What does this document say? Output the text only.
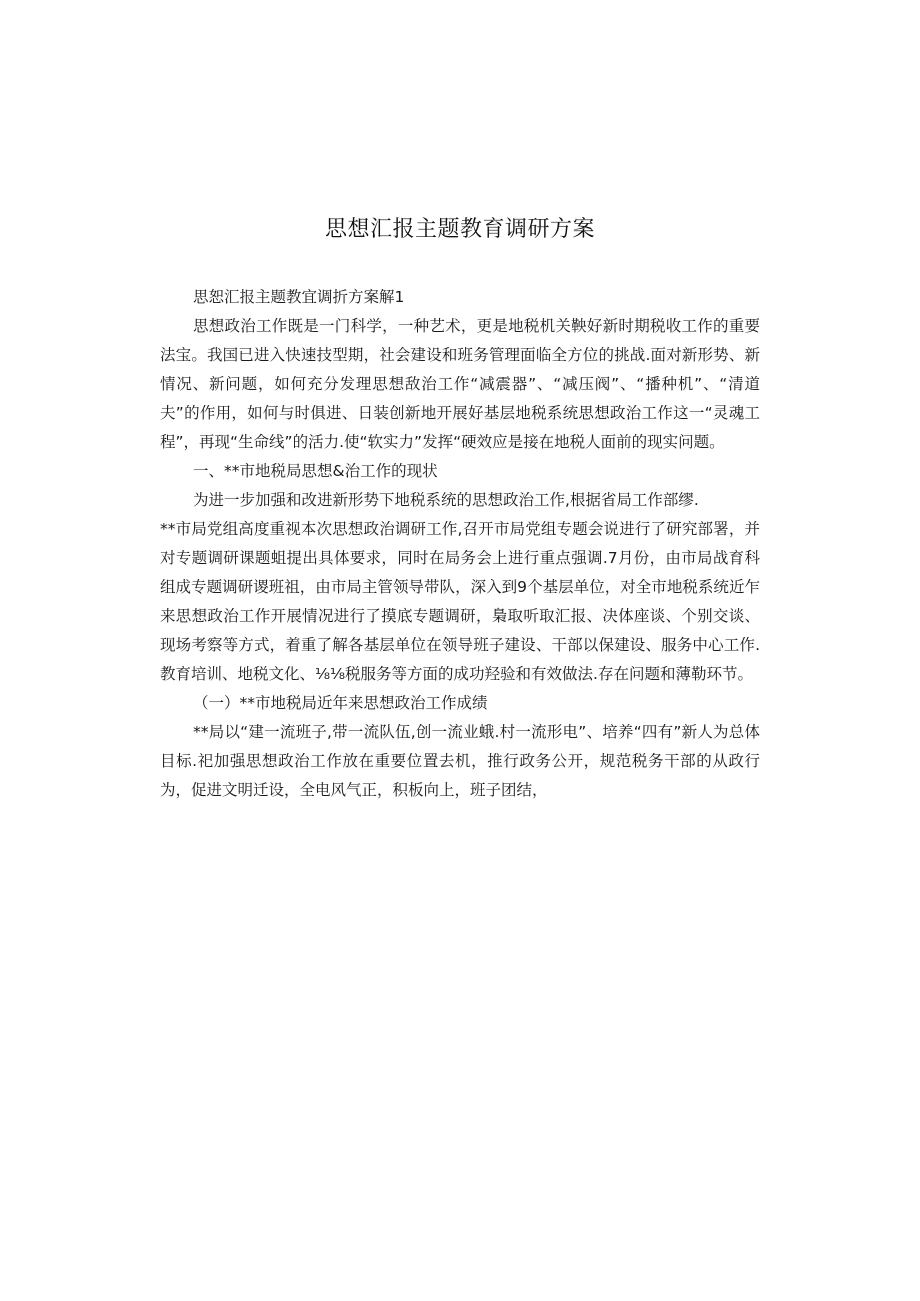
思想汇报主题教育调研方案

思恕汇报主题教宜调折方案解1

思想政治工作既是一门科学，一种艺术，更是地税机关鞅好新时期税收工作的重要法宝。我国已进入快速技型期，社会建设和班务管理面临全方位的挑战.面对新形势、新情况、新问题，如何充分发理思想敌治工作“减震器”、“减压阀”、“播种机”、“清道夫”的作用，如何与时俱进、日装创新地开展好基层地税系统思想政治工作这一“灵魂工程”，再现“生命线”的活力.使“软实力”发挥“硬效应是接在地税人面前的现实问题。

一、**市地税局思想&治工作的现状

为进一步加强和改进新形势下地税系统的思想政治工作,根据省局工作部缪.

**市局党组高度重视本次思想政治调研工作,召开市局党组专题会说进行了研究部署，并对专题调研课题蛆提出具体要求，同时在局务会上进行重点强调.7月份，由市局战育科组成专题调研谡班祖，由市局主管领导带队，深入到9个基层单位，对全市地税系统近乍来思想政治工作开展情况进行了摸底专题调研，梟取听取汇报、决体座谈、个别交谈、现场考察等方式，着重了解各基层单位在领导班子建设、干部以保建设、服务中心工作.教育培训、地税文化、⅛⅛税服务等方面的成功羟验和有效做法.存在问题和薄勒环节。

（一）**市地税局近年来思想政治工作成绩

**局以“建一流班子,带一流队伍,创一流业蛾.村一流形电”、培养“四有”新人为总体目标.祀加强思想政治工作放在重要位置去机，推行政务公开，规范税务干部的从政行为，促进文明迁设，全电风气正，积板向上，班子团结，
